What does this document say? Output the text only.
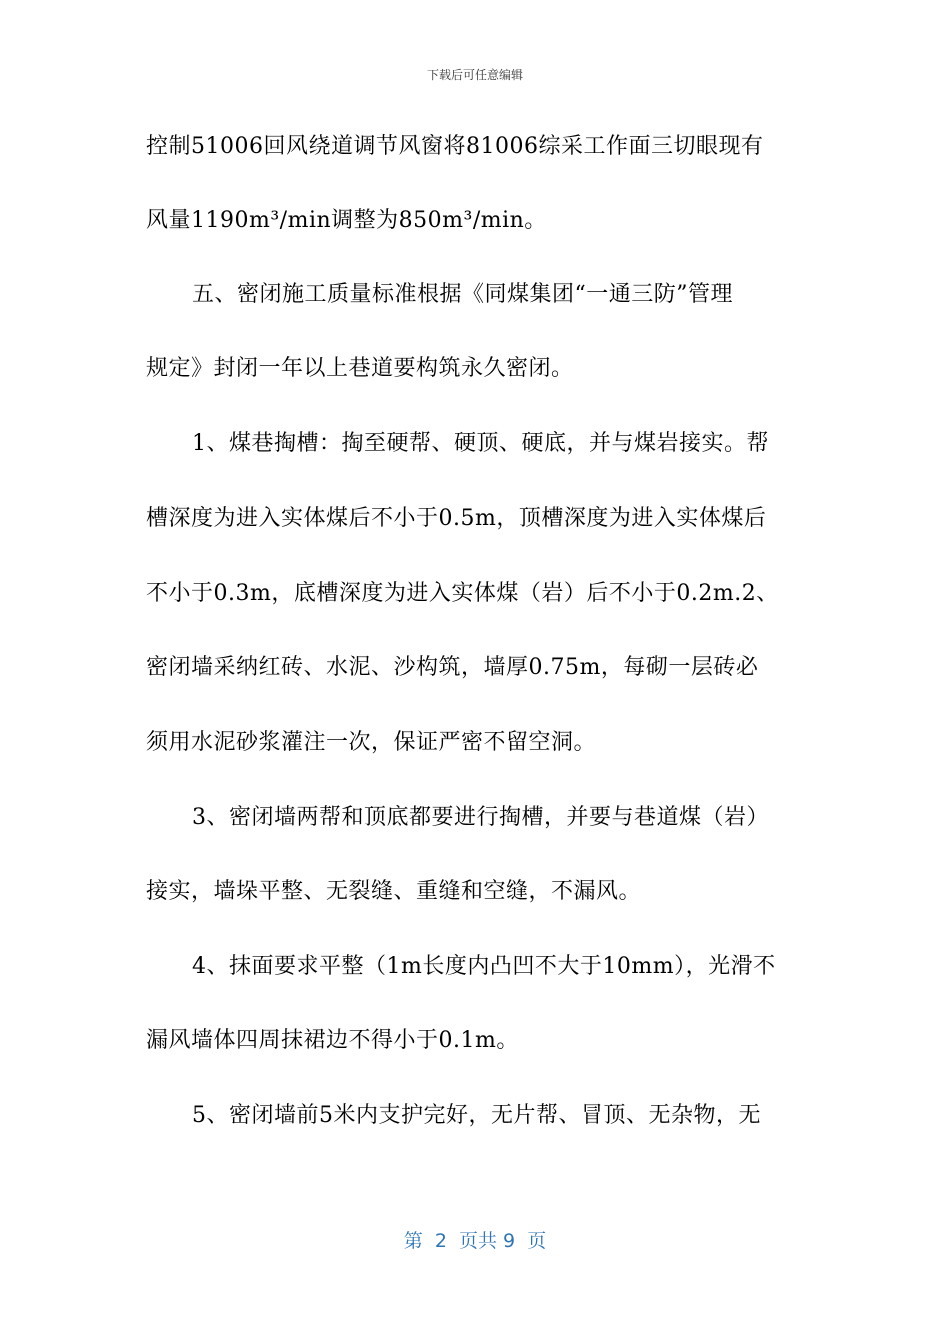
下载后可任意编辑
控制51006回风绕道调节风窗将81006综采工作面三切眼现有
风量1190m³/min调整为850m³/min。
五、密闭施工质量标准根据《同煤集团“一通三防”管理
规定》封闭一年以上巷道要构筑永久密闭。
1、煤巷掏槽：掏至硬帮、硬顶、硬底，并与煤岩接实。帮
槽深度为进入实体煤后不小于0.5m，顶槽深度为进入实体煤后
不小于0.3m，底槽深度为进入实体煤（岩）后不小于0.2m.2、
密闭墙采纳红砖、水泥、沙构筑，墙厚0.75m，每砌一层砖必
须用水泥砂浆灌注一次，保证严密不留空洞。
3、密闭墙两帮和顶底都要进行掏槽，并要与巷道煤（岩）
接实，墙垛平整、无裂缝、重缝和空缝，不漏风。
4、抹面要求平整（1m长度内凸凹不大于10mm），光滑不
漏风墙体四周抹裙边不得小于0.1m。
5、密闭墙前5米内支护完好，无片帮、冒顶、无杂物，无
第  2  页共 9  页
